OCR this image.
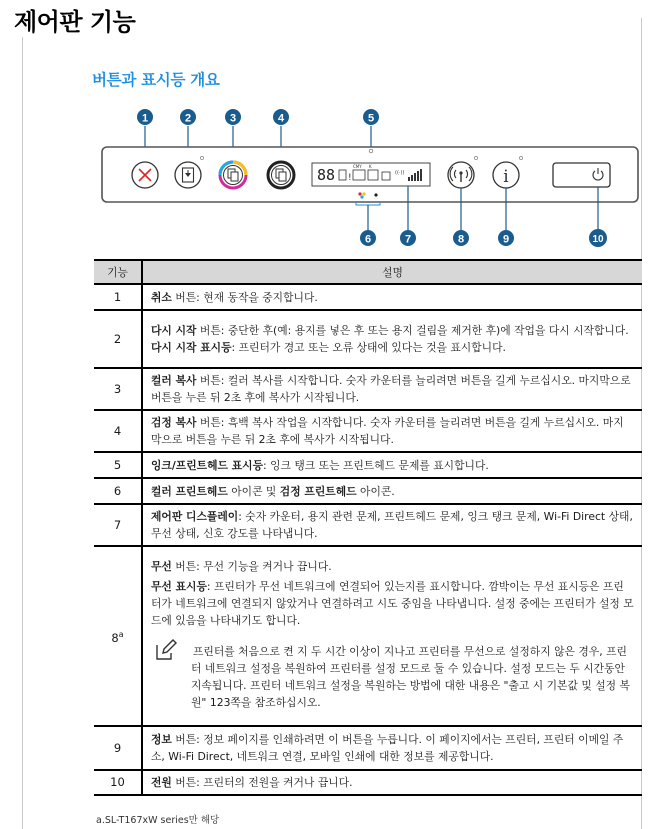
제어판 기능
버튼과 표시등 개요
1	2	3	4	5
88 !
CMY K
((·))	i
6	7	8	9	10
기능	설명
1	취소 버튼: 현재 동작을 중지합니다.

2	다시 시작 버튼: 중단한 후(예: 용지를 넣은 후 또는 용지 걸림을 제거한 후)에 작업을 다시 시작합니다.
다시 시작 표시등: 프린터가 경고 또는 오류 상태에 있다는 것을 표시합니다.

3	컬러 복사 버튼: 컬러 복사를 시작합니다. 숫자 카운터를 늘리려면 버튼을 길게 누르십시오. 마지막으로 버튼을 누른 뒤 2초 후에 복사가 시작됩니다.

4	검정 복사 버튼: 흑백 복사 작업을 시작합니다. 숫자 카운터를 늘리려면 버튼을 길게 누르십시오. 마지막으로 버튼을 누른 뒤 2초 후에 복사가 시작됩니다.

5	잉크/프린트헤드 표시등: 잉크 탱크 또는 프린트헤드 문제를 표시합니다.

6	컬러 프린트헤드 아이콘 및 검정 프린트헤드 아이콘.

7	제어판 디스플레이: 숫자 카운터, 용지 관련 문제, 프린트헤드 문제, 잉크 탱크 문제, Wi-Fi Direct 상태, 무선 상태, 신호 강도를 나타냅니다.

8$^a$	무선 버튼: 무선 기능을 켜거나 끕니다.
무선 표시등: 프린터가 무선 네트워크에 연결되어 있는지를 표시합니다. 깜박이는 무선 표시등은 프린터가 네트워크에 연결되지 않았거나 연결하려고 시도 중임을 나타냅니다. 설정 중에는 프린터가 설정 모드에 있음을 나타내기도 합니다.
프린터를 처음으로 켠 지 두 시간 이상이 지나고 프린터를 무선으로 설정하지 않은 경우, 프린터 네트워크 설정을 복원하여 프린터를 설정 모드로 둘 수 있습니다. 설정 모드는 두 시간동안 지속됩니다. 프린터 네트워크 설정을 복원하는 방법에 대한 내용은 "출고 시 기본값 및 설정 복원" 123쪽을 참조하십시오.

9	정보 버튼: 정보 페이지를 인쇄하려면 이 버튼을 누릅니다. 이 페이지에서는 프린터, 프린터 이메일 주소, Wi-Fi Direct, 네트워크 연결, 모바일 인쇄에 대한 정보를 제공합니다.

10	전원 버튼: 프린터의 전원을 켜거나 끕니다.
a.SL-T167xW series만 해당
